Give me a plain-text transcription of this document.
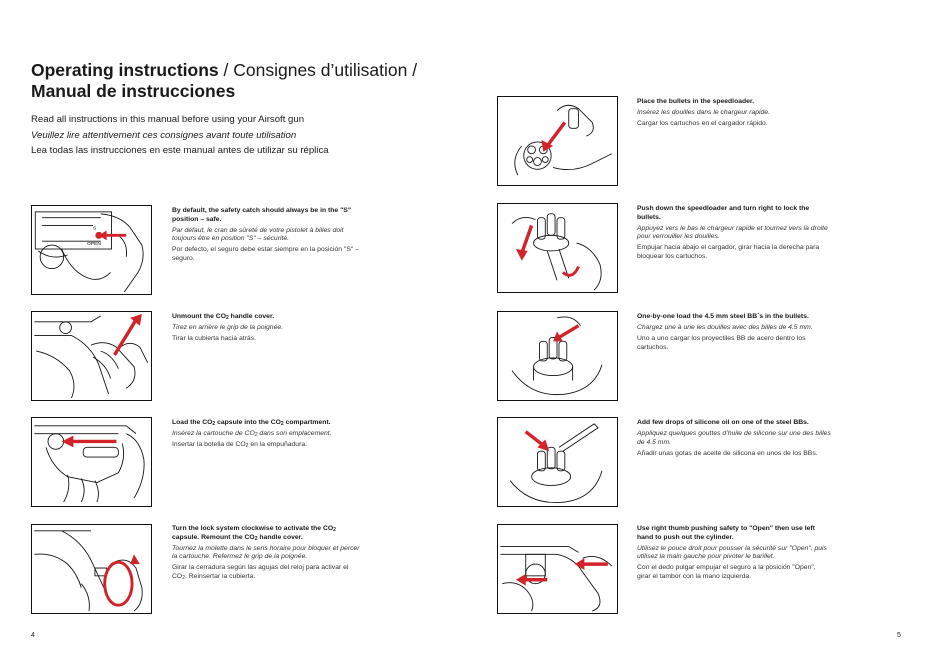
Operating instructions / Consignes d’utilisation /
Manual de instrucciones
Read all instructions in this manual before using your Airsoft gun
Veuillez lire attentivement ces consignes avant toute utilisation
Lea todas las instrucciones en este manual antes de utilizar su réplica
OPEN
S

By default, the safety catch should always be in the "S" position – safe.

Par défaut, le cran de sûreté de votre pistolet à billes doit toujours être en position "S" – sécurité.

Por defecto, el seguro debe estar siempre en la posición "S" – seguro.

Unmount the $CO_2$ handle cover.

Tirez en arrière le grip de la poignée.

Tirar la cubierta hacia atrás.

Load the $CO_2$ capsule into the $CO_2$ compartment.

Insérez la cartouche de $CO_2$ dans son emplacement.

Insertar la botella de $CO_2$ en la empuñadura.

Turn the lock system clockwise to activate the $CO_2$ capsule. Remount the $CO_2$ handle cover.

Tournez la molette dans le sens horaire pour bloquer et percer la cartouche. Refermez le grip de la poignée.

Girar la cerradura según las agujas del reloj para activar el $CO_2$. Reinsertar la cubierta.

Place the bullets in the speedloader.

Insérez les douilles dans le chargeur rapide.

Cargar los cartuchos en el cargador rápido.

Push down the speedloader and turn right to lock the bullets.

Appuyez vers le bas le chargeur rapide et tournez vers la droite pour verrouiller les douilles.

Empujar hacia abajo el cargador, girar hacia la derecha para bloquear los cartuchos.

One-by-one load the 4.5 mm steel BB´s in the bullets.

Chargez une à une les douilles avec des billes de 4.5 mm.

Uno a uno cargar los proyectiles BB de acero dentro los cartuchos.

Add few drops of silicone oil on one of the steel BBs.

Appliquez quelques gouttes d’huile de silicone sur une des billes de 4.5 mm.

Añadir unas gotas de aceite de silicona en unos de los BBs.

Use right thumb pushing safety to "Open" then use left hand to push out the cylinder.

Utilisez le pouce droit pour pousser la sécurité sur "Open", puis utilisez la main gauche pour pivoter le barillet.

Con el dedo pulgar empujar el seguro a la posición "Open", girar el tambor con la mano izquierda.

4	5
